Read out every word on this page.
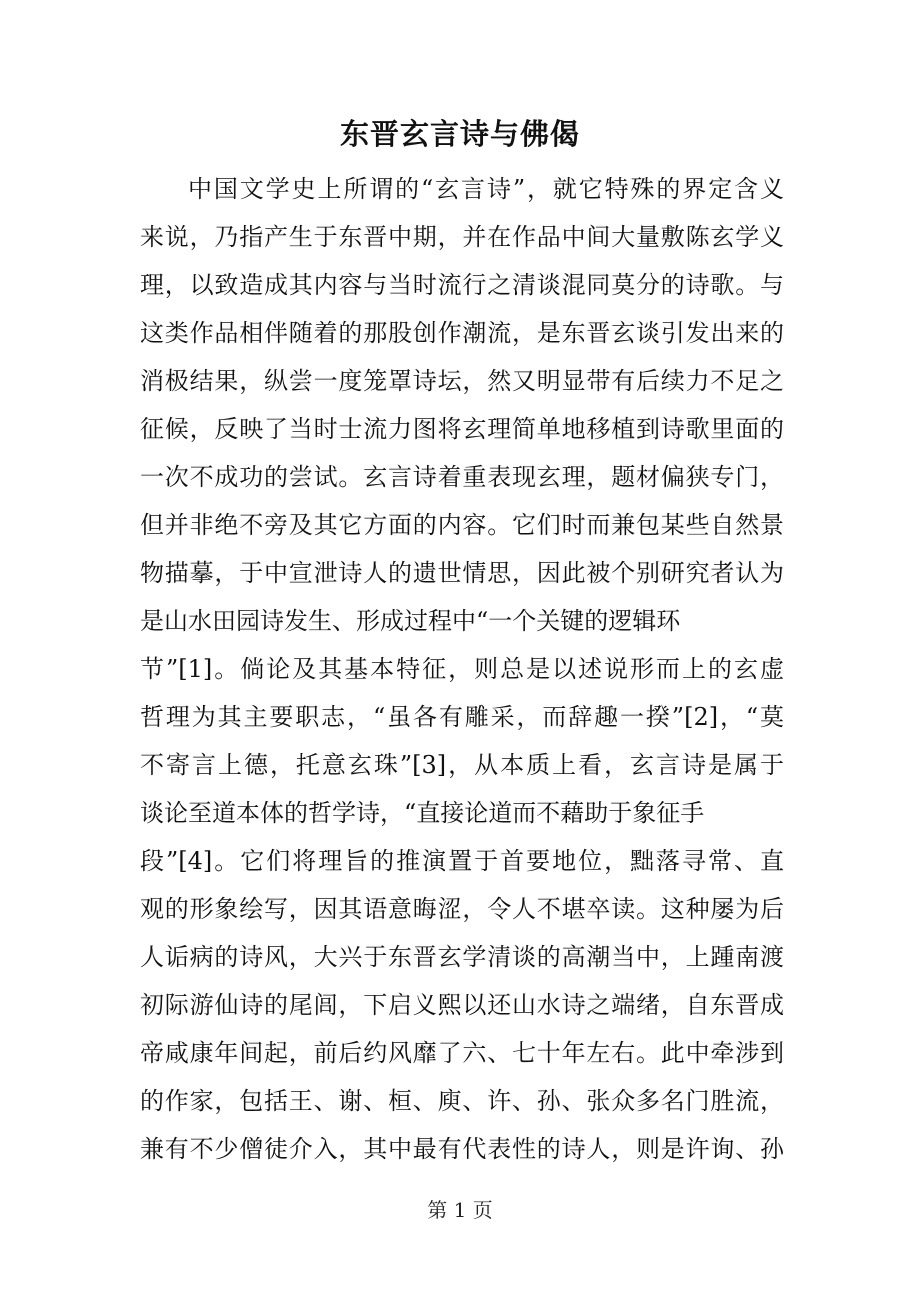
东晋玄言诗与佛偈
中国文学史上所谓的“玄言诗”，就它特殊的界定含义
来说，乃指产生于东晋中期，并在作品中间大量敷陈玄学义
理，以致造成其内容与当时流行之清谈混同莫分的诗歌。与
这类作品相伴随着的那股创作潮流，是东晋玄谈引发出来的
消极结果，纵尝一度笼罩诗坛，然又明显带有后续力不足之
征候，反映了当时士流力图将玄理简单地移植到诗歌里面的
一次不成功的尝试。玄言诗着重表现玄理，题材偏狭专门，
但并非绝不旁及其它方面的内容。它们时而兼包某些自然景
物描摹，于中宣泄诗人的遗世情思，因此被个别研究者认为
是山水田园诗发生、形成过程中“一个关键的逻辑环
节”[1]。倘论及其基本特征，则总是以述说形而上的玄虚
哲理为其主要职志，“虽各有雕采，而辞趣一揆”[2]，“莫
不寄言上德，托意玄珠”[3]，从本质上看，玄言诗是属于
谈论至道本体的哲学诗，“直接论道而不藉助于象征手
段”[4]。它们将理旨的推演置于首要地位，黜落寻常、直
观的形象绘写，因其语意晦涩，令人不堪卒读。这种屡为后
人诟病的诗风，大兴于东晋玄学清谈的高潮当中，上踵南渡
初际游仙诗的尾闾，下启义熙以还山水诗之端绪，自东晋成
帝咸康年间起，前后约风靡了六、七十年左右。此中牵涉到
的作家，包括王、谢、桓、庾、许、孙、张众多名门胜流，
兼有不少僧徒介入，其中最有代表性的诗人，则是许询、孙
第 1 页
